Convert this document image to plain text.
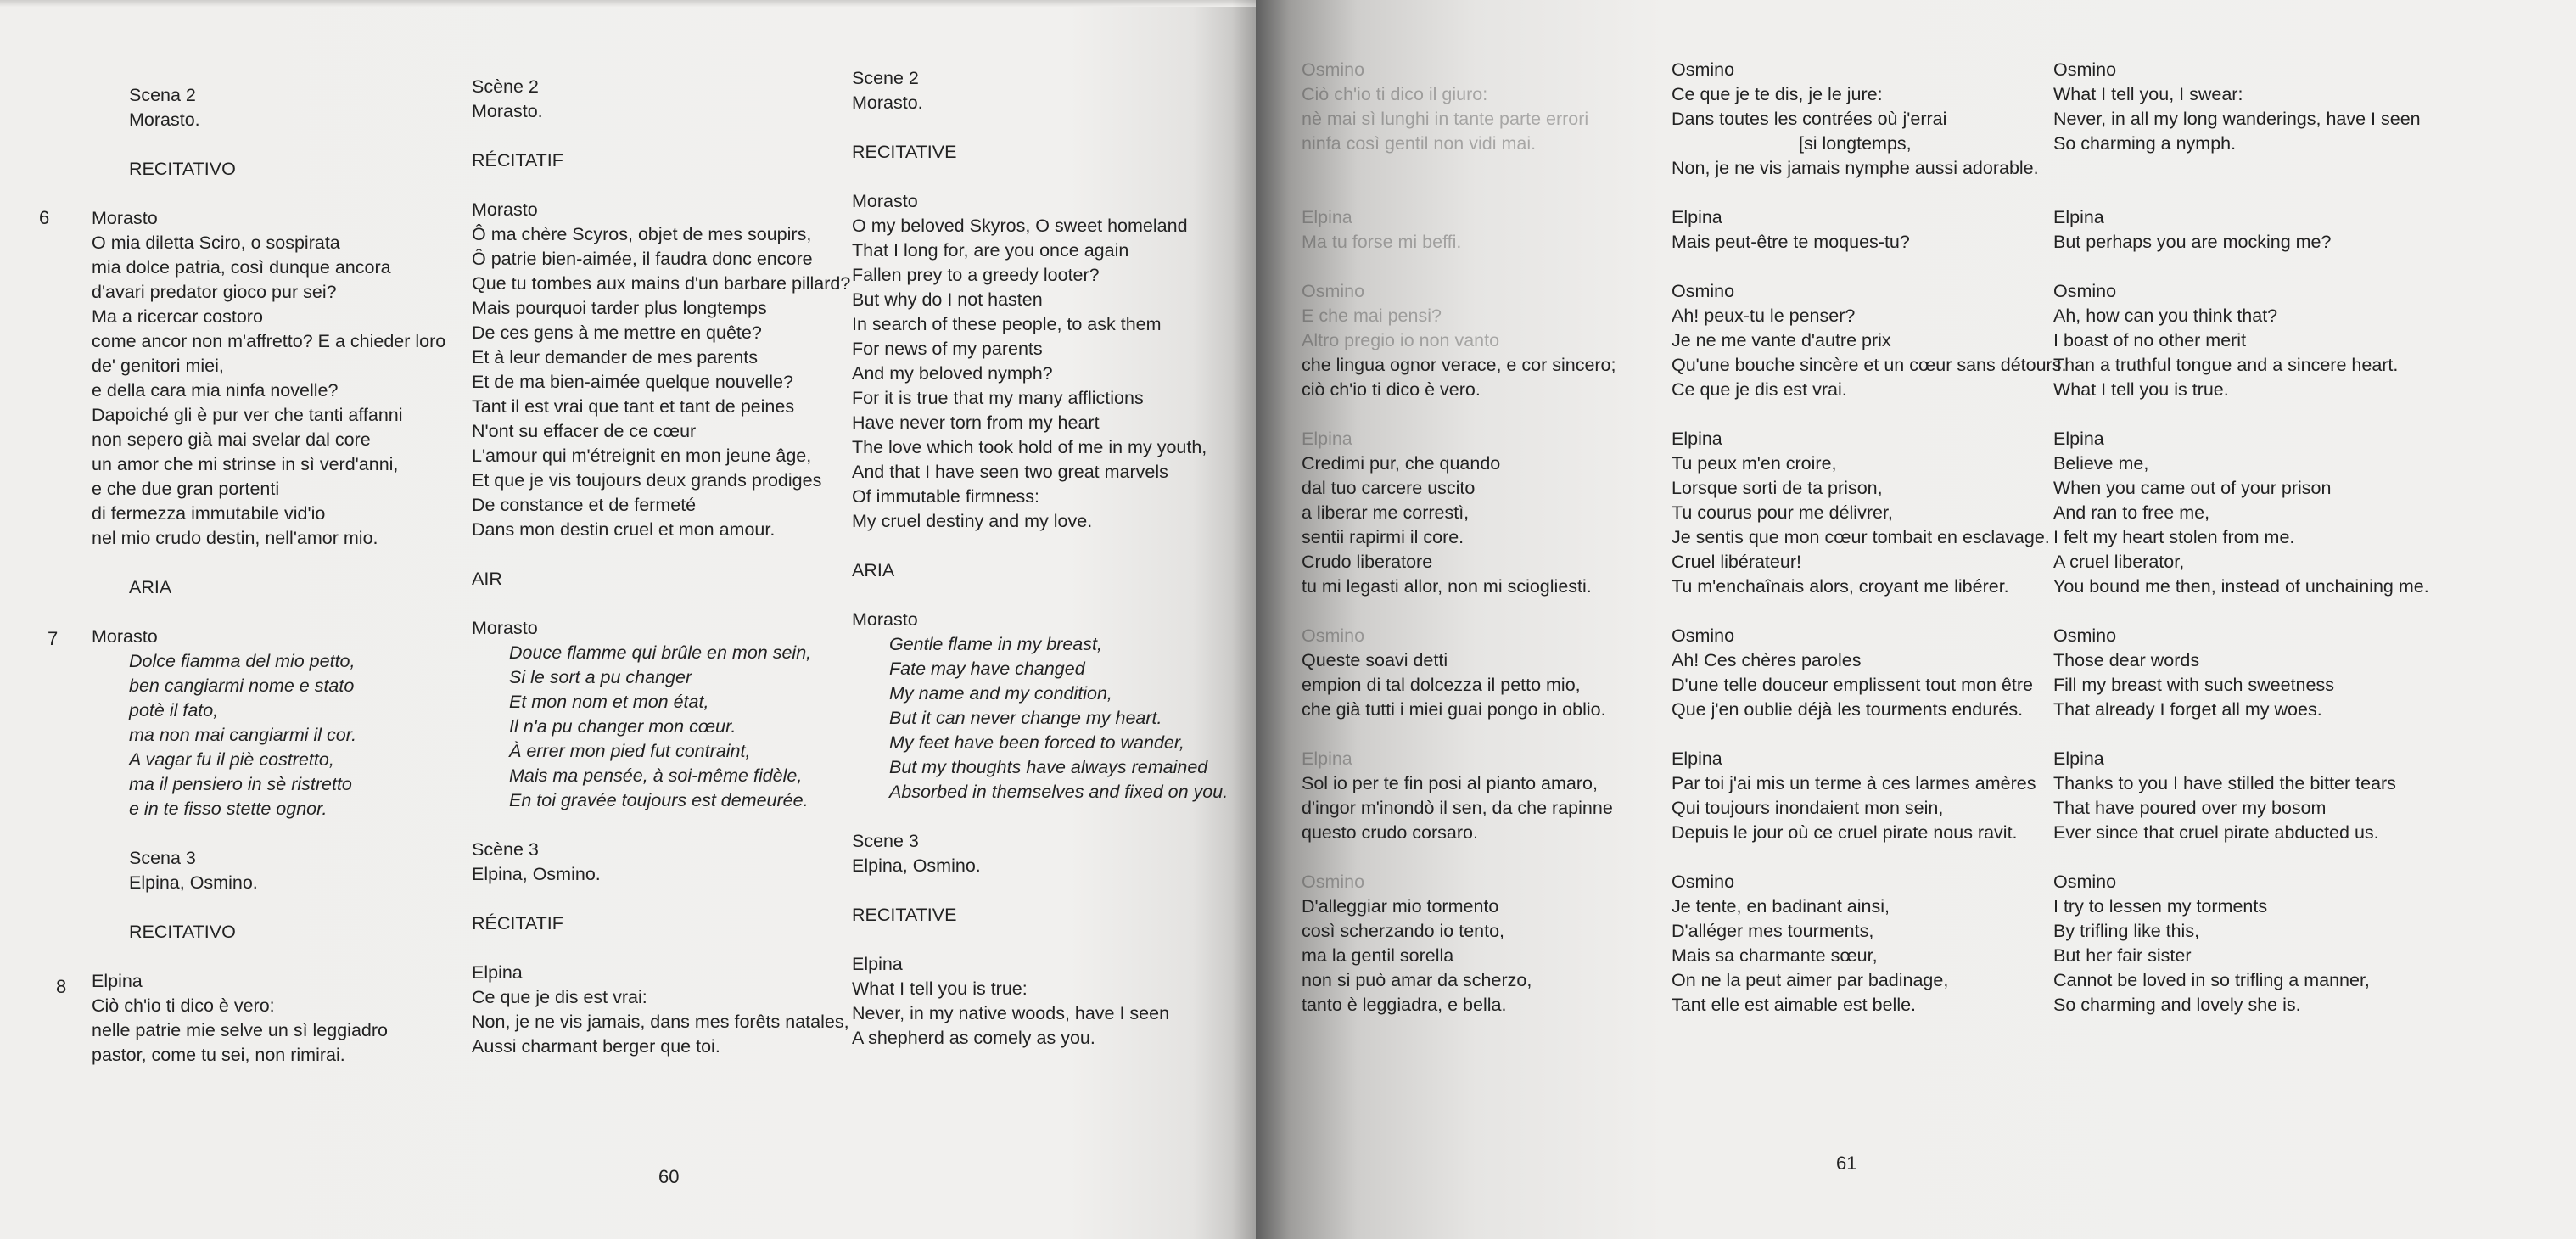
Scena 2
Morasto.
RECITATIVO
Morasto
O mia diletta Sciro, o sospirata
mia dolce patria, così dunque ancora
d'avari predator gioco pur sei?
Ma a ricercar costoro
come ancor non m'affretto? E a chieder loro
de' genitori miei,
e della cara mia ninfa novelle?
Dapoiché gli è pur ver che tanti affanni
non sepero già mai svelar dal core
un amor che mi strinse in sì verd'anni,
e che due gran portenti
di fermezza immutabile vid'io
nel mio crudo destin, nell'amor mio.
ARIA
Morasto
Dolce fiamma del mio petto,
ben cangiarmi nome e stato
potè il fato,
ma non mai cangiarmi il cor.
A vagar fu il piè costretto,
ma il pensiero in sè ristretto
e in te fisso stette ognor.
Scena 3
Elpina, Osmino.
RECITATIVO
Elpina
Ciò ch'io ti dico è vero:
nelle patrie mie selve un sì leggiadro
pastor, come tu sei, non rimirai.
Scène 2
Morasto.
RÉCITATIF
Morasto
Ô ma chère Scyros, objet de mes soupirs,
Ô patrie bien-aimée, il faudra donc encore
Que tu tombes aux mains d'un barbare pillard?
Mais pourquoi tarder plus longtemps
De ces gens à me mettre en quête?
Et à leur demander de mes parents
Et de ma bien-aimée quelque nouvelle?
Tant il est vrai que tant et tant de peines
N'ont su effacer de ce cœur
L'amour qui m'étreignit en mon jeune âge,
Et que je vis toujours deux grands prodiges
De constance et de fermeté
Dans mon destin cruel et mon amour.
AIR
Morasto
Douce flamme qui brûle en mon sein,
Si le sort a pu changer
Et mon nom et mon état,
Il n'a pu changer mon cœur.
À errer mon pied fut contraint,
Mais ma pensée, à soi-même fidèle,
En toi gravée toujours est demeurée.
Scène 3
Elpina, Osmino.
RÉCITATIF
Elpina
Ce que je dis est vrai:
Non, je ne vis jamais, dans mes forêts natales,
Aussi charmant berger que toi.
Scene 2
Morasto.
RECITATIVE
Morasto
O my beloved Skyros, O sweet homeland
That I long for, are you once again
Fallen prey to a greedy looter?
But why do I not hasten
In search of these people, to ask them
For news of my parents
And my beloved nymph?
For it is true that my many afflictions
Have never torn from my heart
The love which took hold of me in my youth,
And that I have seen two great marvels
Of immutable firmness:
My cruel destiny and my love.
ARIA
Morasto
Gentle flame in my breast,
Fate may have changed
My name and my condition,
But it can never change my heart.
My feet have been forced to wander,
But my thoughts have always remained
Absorbed in themselves and fixed on you.
Scene 3
Elpina, Osmino.
RECITATIVE
Elpina
What I tell you is true:
Never, in my native woods, have I seen
A shepherd as comely as you.
6
7
8
60
Osmino
Ciò ch'io ti dico il giuro:
nè mai sì lunghi in tante parte errori
ninfa così gentil non vidi mai.
Elpina
Ma tu forse mi beffi.
Osmino
E che mai pensi?
Altro pregio io non vanto
che lingua ognor verace, e cor sincero;
ciò ch'io ti dico è vero.
Elpina
Credimi pur, che quando
dal tuo carcere uscito
a liberar me correstì,
sentii rapirmi il core.
Crudo liberatore
tu mi legasti allor, non mi sciogliesti.
Osmino
Queste soavi detti
empion di tal dolcezza il petto mio,
che già tutti i miei guai pongo in oblio.
Elpina
Sol io per te fin posi al pianto amaro,
d'ingor m'inondò il sen, da che rapinne
questo crudo corsaro.
Osmino
D'alleggiar mio tormento
così scherzando io tento,
ma la gentil sorella
non si può amar da scherzo,
tanto è leggiadra, e bella.
Osmino
Ce que je te dis, je le jure:
Dans toutes les contrées où j'errai
[si longtemps,
Non, je ne vis jamais nymphe aussi adorable.
Elpina
Mais peut-être te moques-tu?
Osmino
Ah! peux-tu le penser?
Je ne me vante d'autre prix
Qu'une bouche sincère et un cœur sans détours.
Ce que je dis est vrai.
Elpina
Tu peux m'en croire,
Lorsque sorti de ta prison,
Tu courus pour me délivrer,
Je sentis que mon cœur tombait en esclavage.
Cruel libérateur!
Tu m'enchaînais alors, croyant me libérer.
Osmino
Ah! Ces chères paroles
D'une telle douceur emplissent tout mon être
Que j'en oublie déjà les tourments endurés.
Elpina
Par toi j'ai mis un terme à ces larmes amères
Qui toujours inondaient mon sein,
Depuis le jour où ce cruel pirate nous ravit.
Osmino
Je tente, en badinant ainsi,
D'alléger mes tourments,
Mais sa charmante sœur,
On ne la peut aimer par badinage,
Tant elle est aimable est belle.
Osmino
What I tell you, I swear:
Never, in all my long wanderings, have I seen
So charming a nymph.
Elpina
But perhaps you are mocking me?
Osmino
Ah, how can you think that?
I boast of no other merit
Than a truthful tongue and a sincere heart.
What I tell you is true.
Elpina
Believe me,
When you came out of your prison
And ran to free me,
I felt my heart stolen from me.
A cruel liberator,
You bound me then, instead of unchaining me.
Osmino
Those dear words
Fill my breast with such sweetness
That already I forget all my woes.
Elpina
Thanks to you I have stilled the bitter tears
That have poured over my bosom
Ever since that cruel pirate abducted us.
Osmino
I try to lessen my torments
By trifling like this,
But her fair sister
Cannot be loved in so trifling a manner,
So charming and lovely she is.
61
